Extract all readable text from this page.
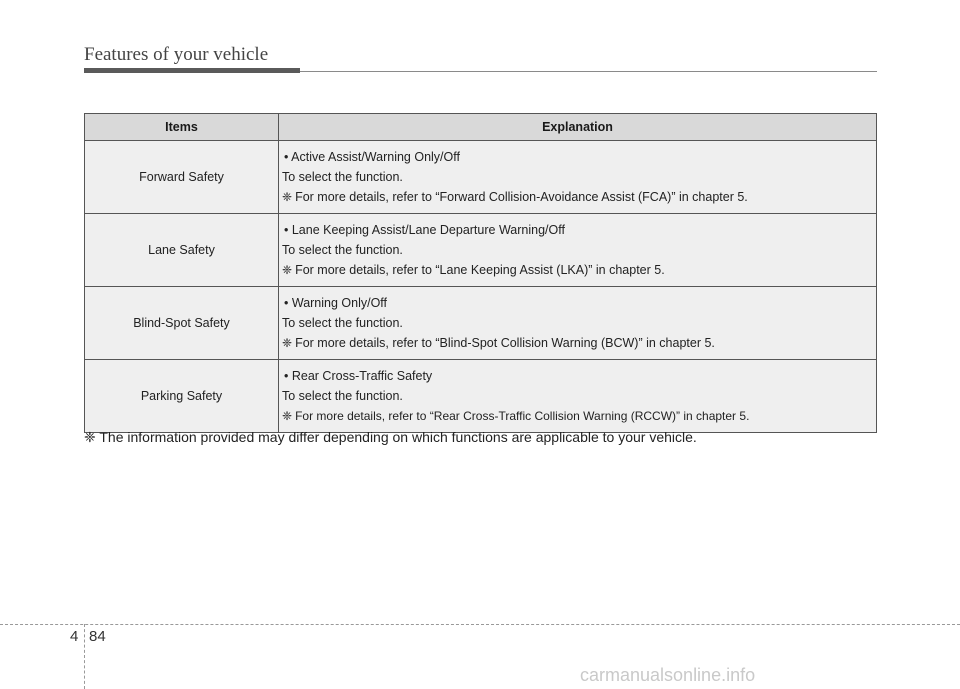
Features of your vehicle
Items	Explanation
Forward Safety	• Active Assist/Warning Only/Off
To select the function.
❈ For more details, refer to “Forward Collision-Avoidance Assist (FCA)” in chapter 5.

Lane Safety	• Lane Keeping Assist/Lane Departure Warning/Off
To select the function.
❈ For more details, refer to “Lane Keeping Assist (LKA)” in chapter 5.

Blind-Spot Safety	• Warning Only/Off
To select the function.
❈ For more details, refer to “Blind-Spot Collision Warning (BCW)” in chapter 5.

Parking Safety	• Rear Cross-Traffic Safety
To select the function.
❈ For more details, refer to “Rear Cross-Traffic Collision Warning (RCCW)” in chapter 5.
❈ The information provided may differ depending on which functions are applicable to your vehicle.
4 84
carmanualsonline.info
